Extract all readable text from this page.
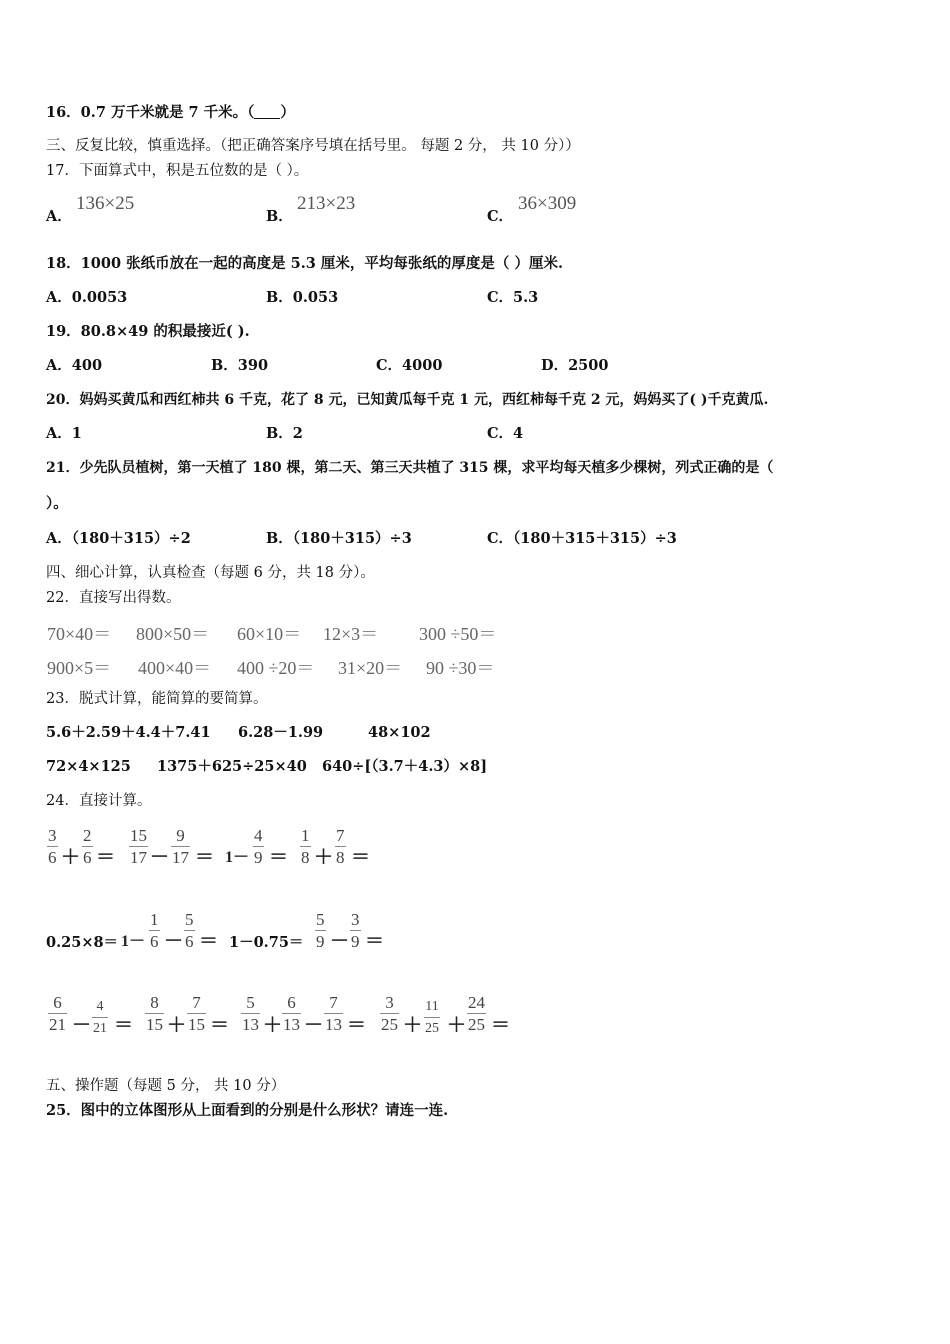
16．0.7 万千米就是 7 千米。（ ）
三、反复比较，慎重选择。（把正确答案序号填在括号里。 每题 2 分， 共 10 分））
17．下面算式中，积是五位数的是（ ）。
A．
136×25
B．
213×23
C．
36×309
18．1000 张纸币放在一起的高度是 5.3 厘米，平均每张纸的厚度是（ ）厘米.
A．0.0053	B．0.053	C．5.3
19．80.8×49 的积最接近( ).
A．400	B．390	C．4000	D．2500
20．妈妈买黄瓜和西红柿共 6 千克，花了 8 元，已知黄瓜每千克 1 元，西红柿每千克 2 元，妈妈买了( )千克黄瓜.
A．1	B．2	C．4
21．少先队员植树，第一天植了 180 棵，第二天、第三天共植了 315 棵，求平均每天植多少棵树，列式正确的是（
）。
A．（180＋315）÷2	B．（180＋315）÷3	C．（180＋315＋315）÷3
四、细心计算，认真检查（每题 6 分，共 18 分）。
22．直接写出得数。
70×40＝ 800×50＝ 60×10＝ 12×3＝ 300 ÷50＝
900×5＝ 400×40＝ 400 ÷20＝ 31×20＝ 90 ÷30＝
23．脱式计算，能简算的要简算。
5.6＋2.59＋4.4＋7.41 6.28－1.99	48×102
72×4×125 1375＋625÷25×40 640÷[（3.7＋4.3）×8]
24．直接计算。
$\frac{3}{6} + \frac{2}{6} = \frac{15}{17} - \frac{9}{17} = 1- \frac{4}{9} = \frac{1}{8} + \frac{7}{8}$ ＝
$0.25\times 8= 1- \frac{1}{6} - \frac{5}{6} = 1-0.75= \frac{5}{9} - \frac{3}{9}$ ＝
$\frac{6}{21} - \frac{4}{21} = \frac{8}{15} + \frac{7}{15} = \frac{5}{13} + \frac{6}{13} - \frac{7}{13} = \frac{3}{25} + \frac{11}{25} + \frac{24}{25}$ ＝
五、操作题（每题 5 分， 共 10 分）
25．图中的立体图形从上面看到的分别是什么形状？请连一连.
